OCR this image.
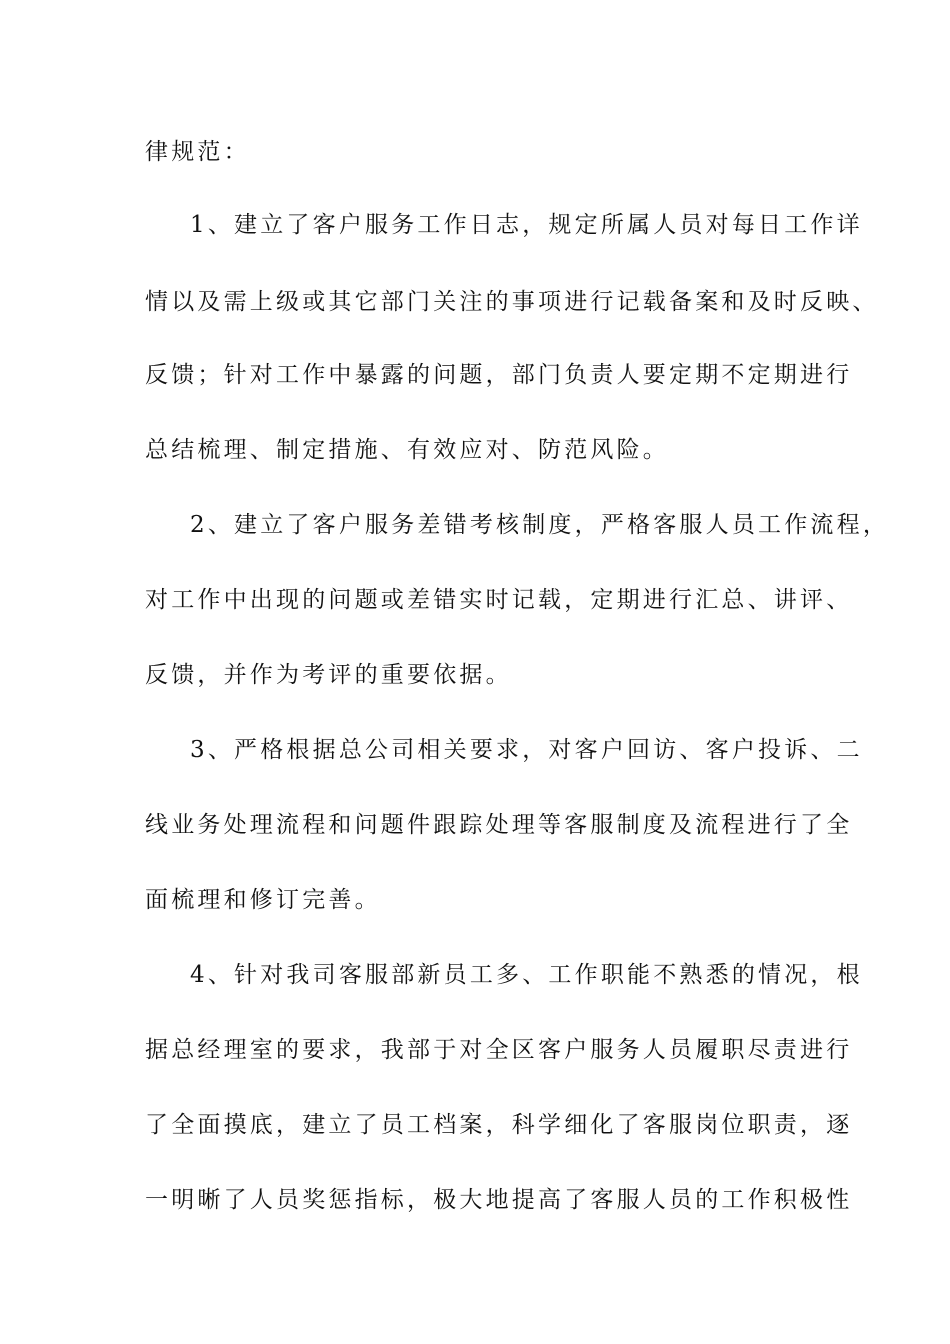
律规范：
1、建立了客户服务工作日志，规定所属人员对每日工作详
情以及需上级或其它部门关注的事项进行记载备案和及时反映、
反馈；针对工作中暴露的问题，部门负责人要定期不定期进行
总结梳理、制定措施、有效应对、防范风险。
2、建立了客户服务差错考核制度，严格客服人员工作流程，
对工作中出现的问题或差错实时记载，定期进行汇总、讲评、
反馈，并作为考评的重要依据。
3、严格根据总公司相关要求，对客户回访、客户投诉、二
线业务处理流程和问题件跟踪处理等客服制度及流程进行了全
面梳理和修订完善。
4、针对我司客服部新员工多、工作职能不熟悉的情况，根
据总经理室的要求，我部于对全区客户服务人员履职尽责进行
了全面摸底，建立了员工档案，科学细化了客服岗位职责，逐
一明晰了人员奖惩指标，极大地提高了客服人员的工作积极性
